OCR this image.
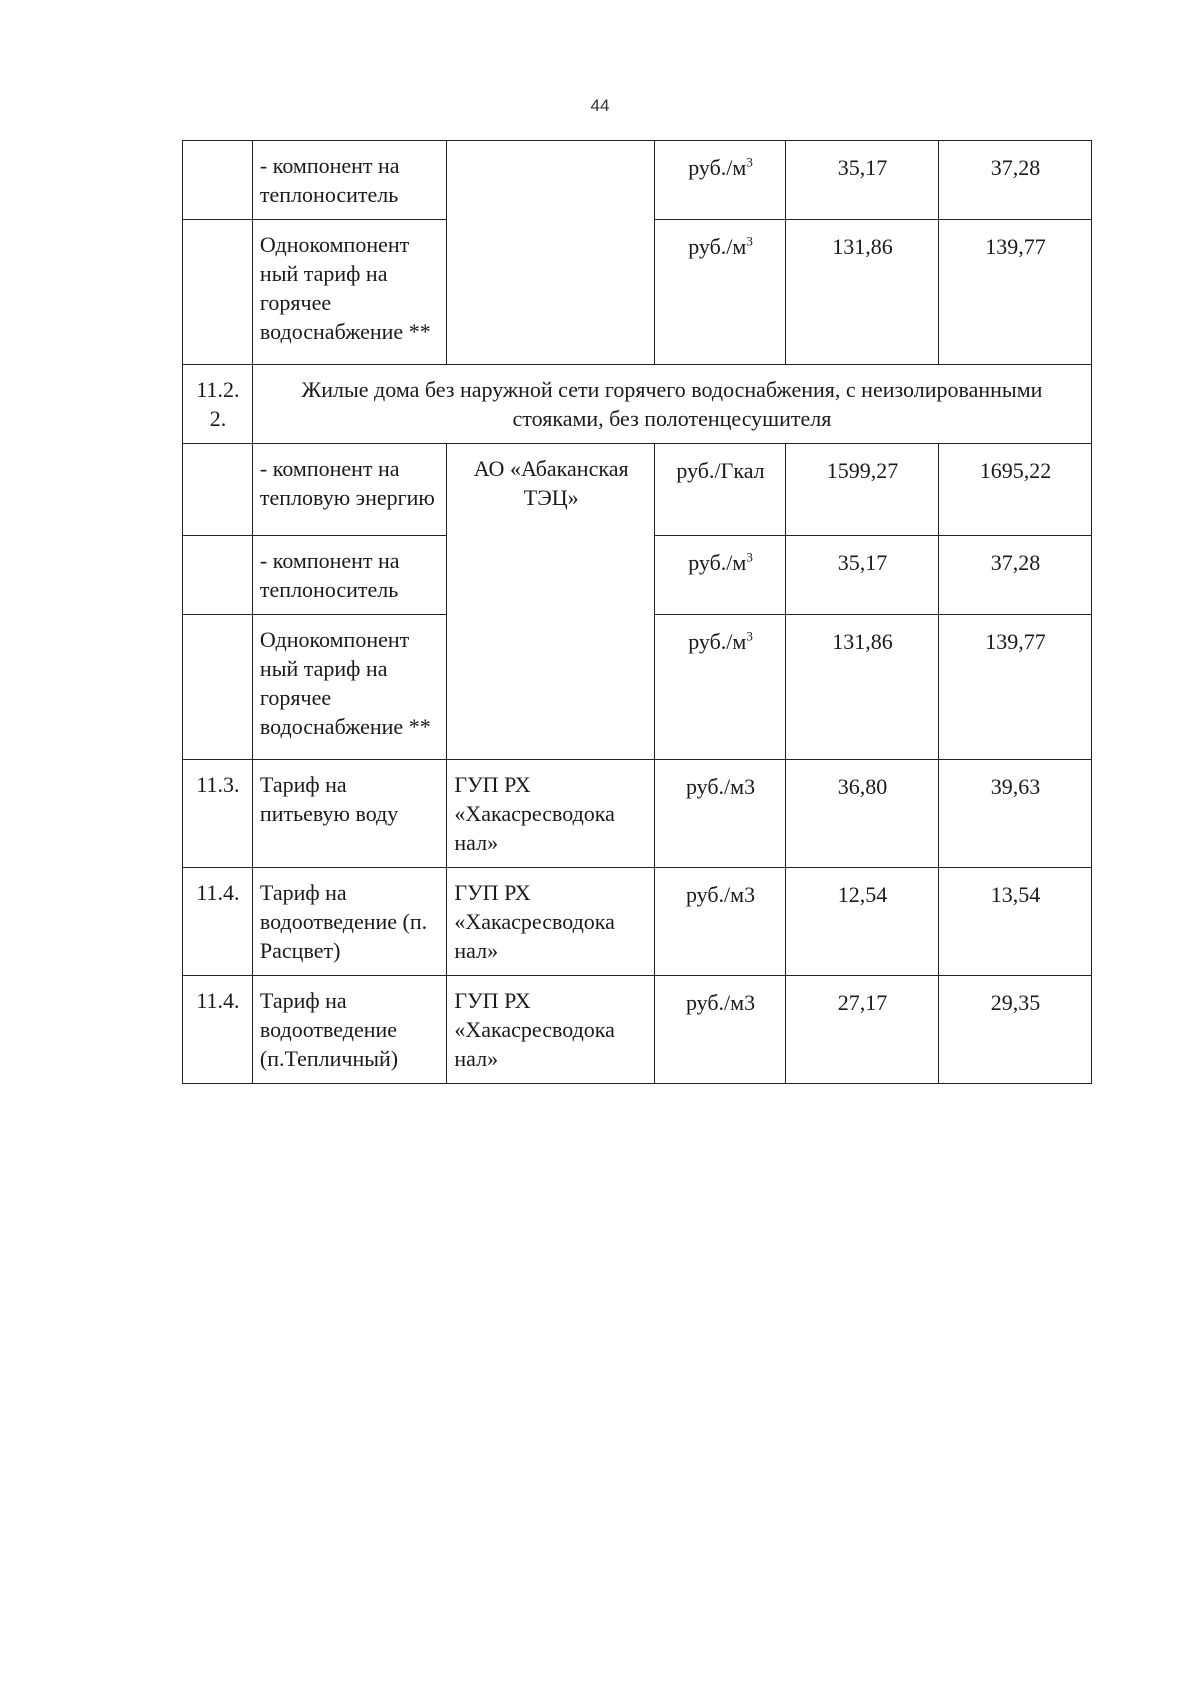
44
	- компонент на теплоноситель		$руб./м^3$	35,17	37,28
	Однокомпонент ный тариф на горячее водоснабжение **		$руб./м^3$	131,86	139,77
11.2. 2.	Жилые дома без наружной сети горячего водоснабжения, с неизолированными стояками, без полотенцесушителя				
	- компонент на тепловую энергию	АО «Абаканская ТЭЦ»	руб./Гкал	1599,27	1695,22
	- компонент на теплоноситель		$руб./м^3$	35,17	37,28
	Однокомпонент ный тариф на горячее водоснабжение **		$руб./м^3$	131,86	139,77
11.3.	Тариф на питьевую воду	ГУП РХ «Хакасресводока нал»	руб./м3	36,80	39,63
11.4.	Тариф на водоотведение (п. Расцвет)	ГУП РХ «Хакасресводока нал»	руб./м3	12,54	13,54
11.4.	Тариф на водоотведение (п.Тепличный)	ГУП РХ «Хакасресводока нал»	руб./м3	27,17	29,35
